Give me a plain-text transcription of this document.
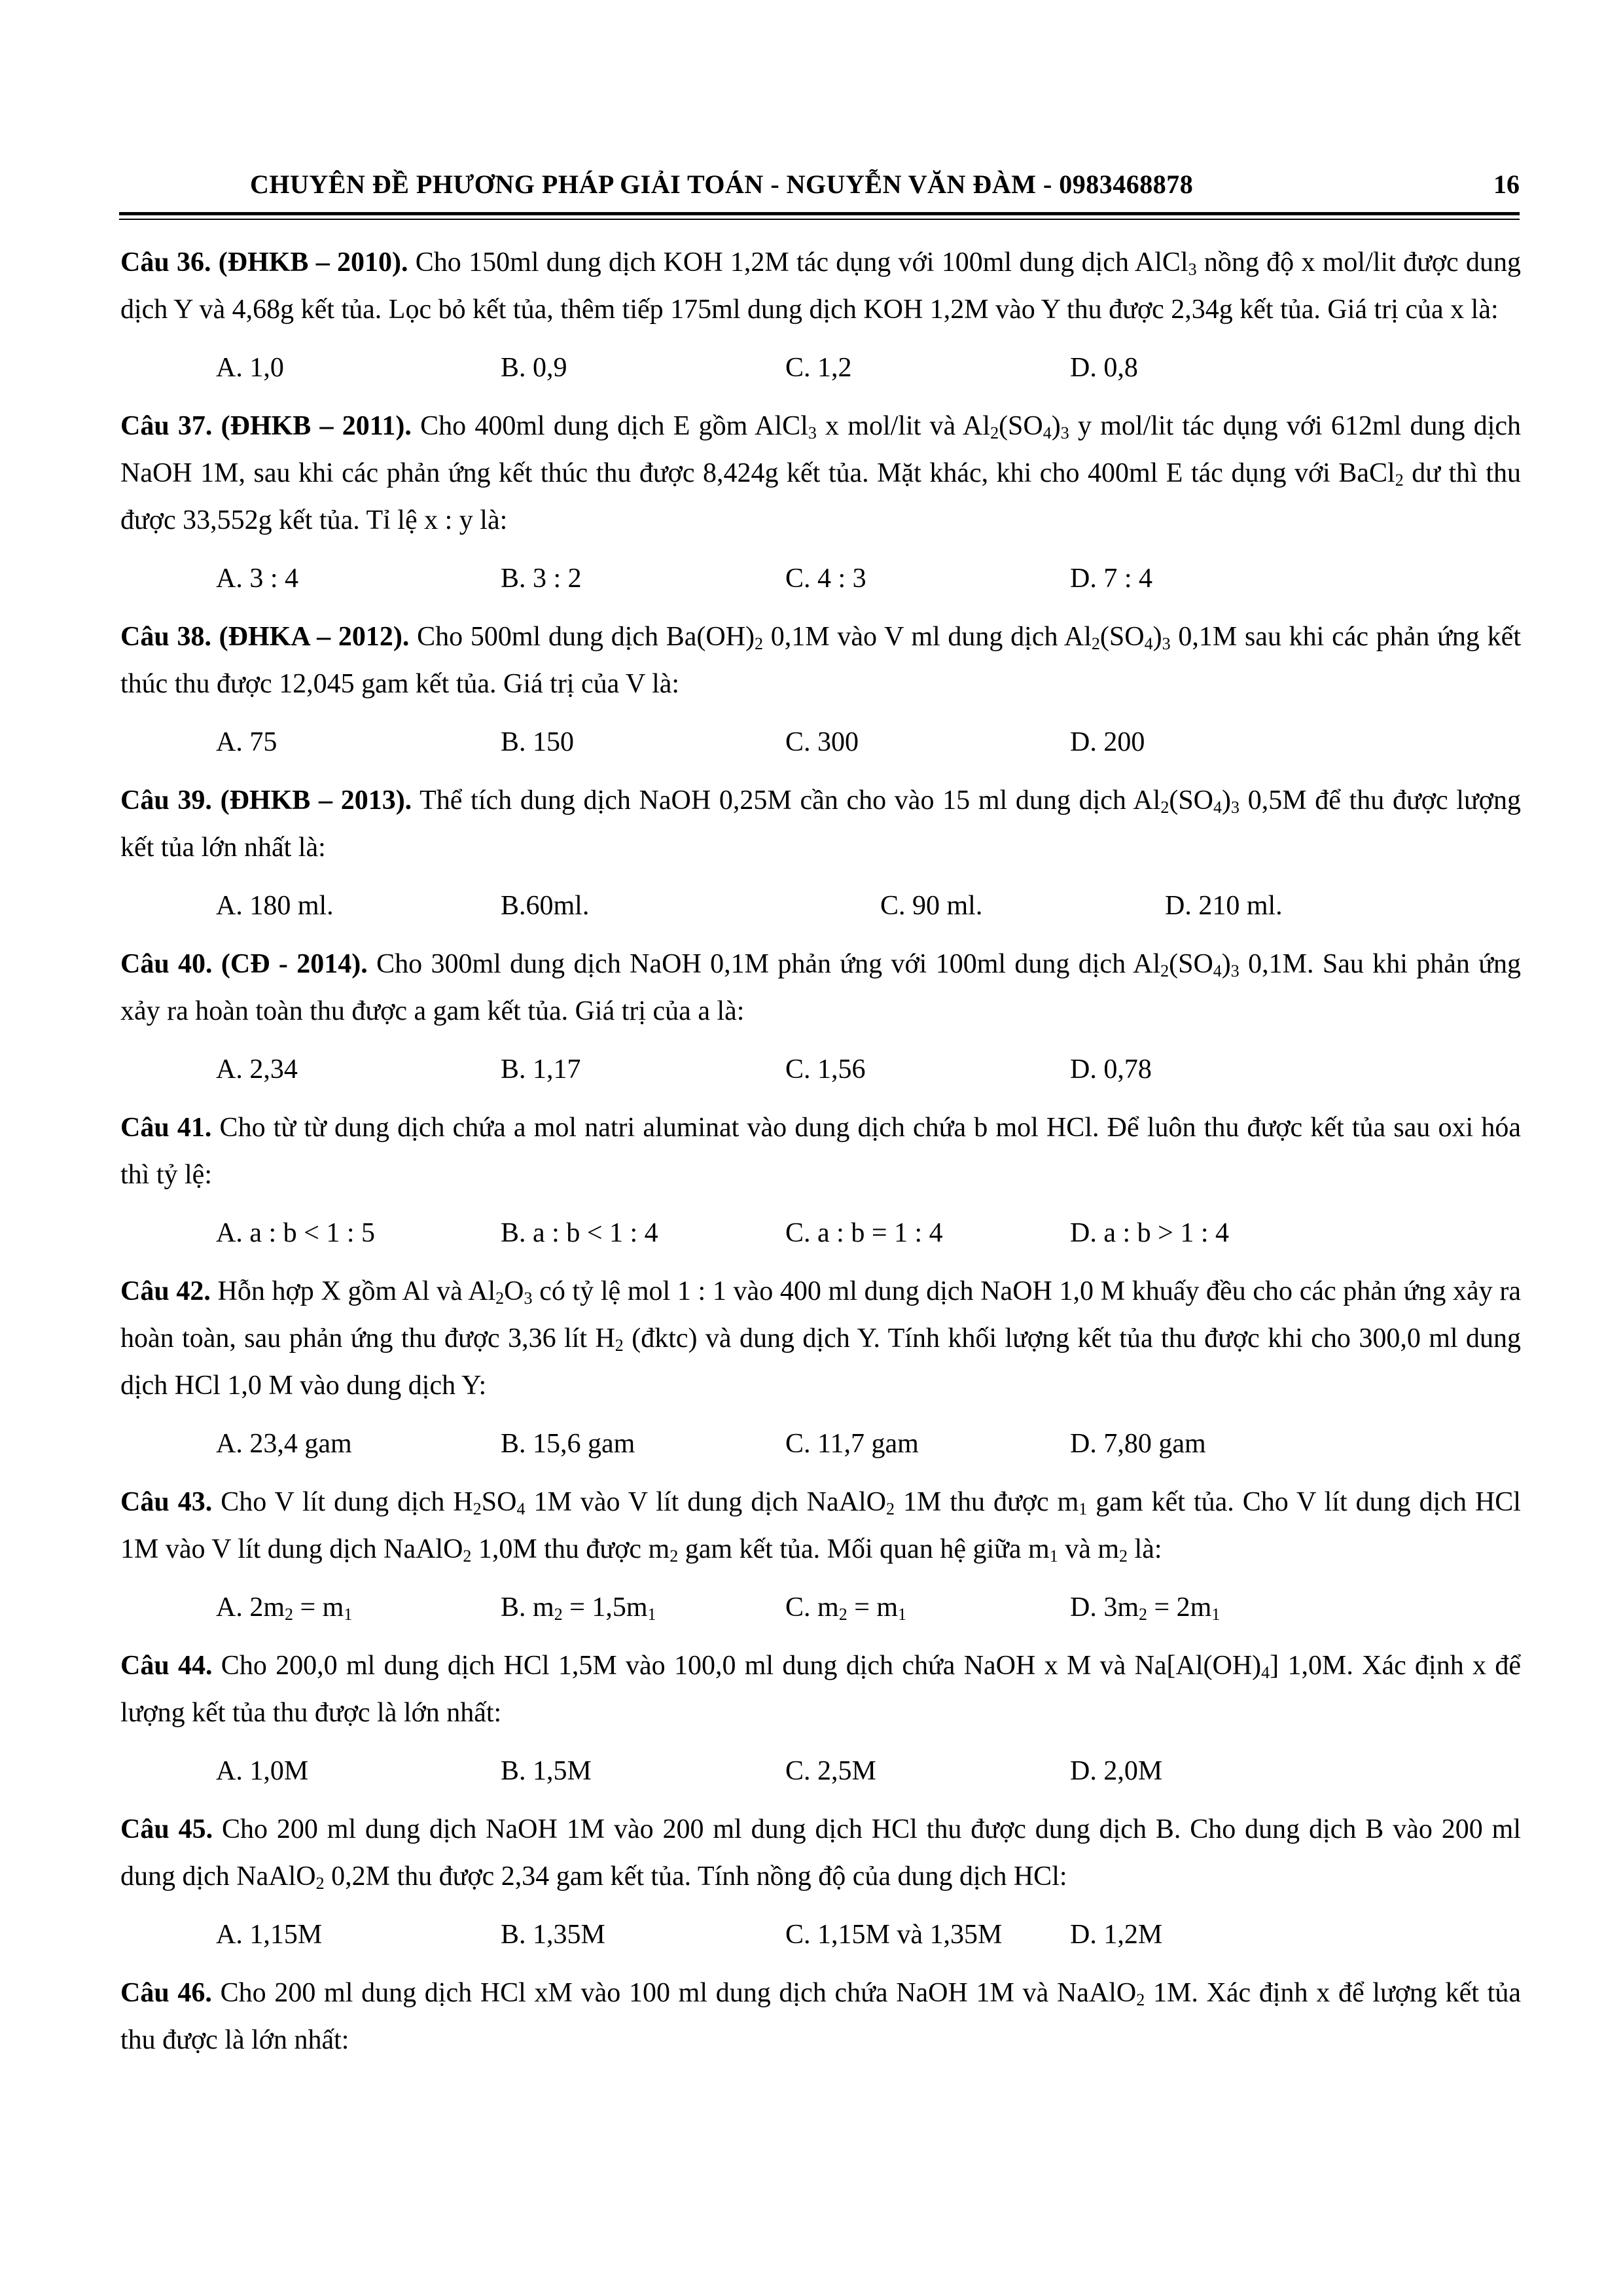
CHUYÊN ĐỀ PHƯƠNG PHÁP GIẢI TOÁN - NGUYỄN VĂN ĐÀM - 0983468878	16

Câu 36. (ĐHKB – 2010). Cho 150ml dung dịch KOH 1,2M tác dụng với 100ml dung dịch AlCl$_3$ nồng độ x mol/lit được dung dịch Y và 4,68g kết tủa. Lọc bỏ kết tủa, thêm tiếp 175ml dung dịch KOH 1,2M vào Y thu được 2,34g kết tủa. Giá trị của x là:

A. 1,0	B. 0,9	C. 1,2	D. 0,8

Câu 37. (ĐHKB – 2011). Cho 400ml dung dịch E gồm AlCl$_3$ x mol/lit và $Al_2(SO_4)_3$ y mol/lit tác dụng với 612ml dung dịch NaOH 1M, sau khi các phản ứng kết thúc thu được 8,424g kết tủa. Mặt khác, khi cho 400ml E tác dụng với BaCl$_2$ dư thì thu được 33,552g kết tủa. Tỉ lệ x : y là:

A. 3 : 4	B. 3 : 2	C. 4 : 3	D. 7 : 4

Câu 38. (ĐHKA – 2012). Cho 500ml dung dịch $Ba(OH)_2$ 0,1M vào V ml dung dịch $Al_2(SO_4)_3$ 0,1M sau khi các phản ứng kết thúc thu được 12,045 gam kết tủa. Giá trị của V là:

A. 75	B. 150	C. 300	D. 200

Câu 39. (ĐHKB – 2013). Thể tích dung dịch NaOH 0,25M cần cho vào 15 ml dung dịch $Al_2(SO_4)_3$ 0,5M để thu được lượng kết tủa lớn nhất là:

A. 180 ml.	B.60ml.	C. 90 ml.	D. 210 ml.

Câu 40. (CĐ - 2014). Cho 300ml dung dịch NaOH 0,1M phản ứng với 100ml dung dịch $Al_2(SO_4)_3$ 0,1M. Sau khi phản ứng xảy ra hoàn toàn thu được a gam kết tủa. Giá trị của a là:

A. 2,34	B. 1,17	C. 1,56	D. 0,78

Câu 41. Cho từ từ dung dịch chứa a mol natri aluminat vào dung dịch chứa b mol HCl. Để luôn thu được kết tủa sau oxi hóa thì tỷ lệ:

A. a : b < 1 : 5	B. a : b < 1 : 4	C. a : b = 1 : 4	D. a : b > 1 : 4

Câu 42. Hỗn hợp X gồm Al và $Al_2O_3$ có tỷ lệ mol 1 : 1 vào 400 ml dung dịch NaOH 1,0 M khuấy đều cho các phản ứng xảy ra hoàn toàn, sau phản ứng thu được 3,36 lít $H_2$ (đktc) và dung dịch Y. Tính khối lượng kết tủa thu được khi cho 300,0 ml dung dịch HCl 1,0 M vào dung dịch Y:

A. 23,4 gam	B. 15,6 gam	C. 11,7 gam	D. 7,80 gam

Câu 43. Cho V lít dung dịch $H_2SO_4$ 1M vào V lít dung dịch NaAlO$_2$ 1M thu được $m_1$ gam kết tủa. Cho V lít dung dịch HCl 1M vào V lít dung dịch NaAlO$_2$ 1,0M thu được $m_2$ gam kết tủa. Mối quan hệ giữa $m_1$ và $m_2$ là:

A. $2m_2 = m_1$	B. $m_2 = 1,5m_1$	C. $m_2 = m_1$	D. $3m_2 = 2m_1$

Câu 44. Cho 200,0 ml dung dịch HCl 1,5M vào 100,0 ml dung dịch chứa NaOH x M và $Na[Al(OH)_4]$ 1,0M. Xác định x để lượng kết tủa thu được là lớn nhất:

A. 1,0M	B. 1,5M	C. 2,5M	D. 2,0M

Câu 45. Cho 200 ml dung dịch NaOH 1M vào 200 ml dung dịch HCl thu được dung dịch B. Cho dung dịch B vào 200 ml dung dịch NaAlO$_2$ 0,2M thu được 2,34 gam kết tủa. Tính nồng độ của dung dịch HCl:

A. 1,15M	B. 1,35M	C. 1,15M và 1,35M	D. 1,2M

Câu 46. Cho 200 ml dung dịch HCl xM vào 100 ml dung dịch chứa NaOH 1M và NaAlO$_2$ 1M. Xác định x để lượng kết tủa thu được là lớn nhất:
